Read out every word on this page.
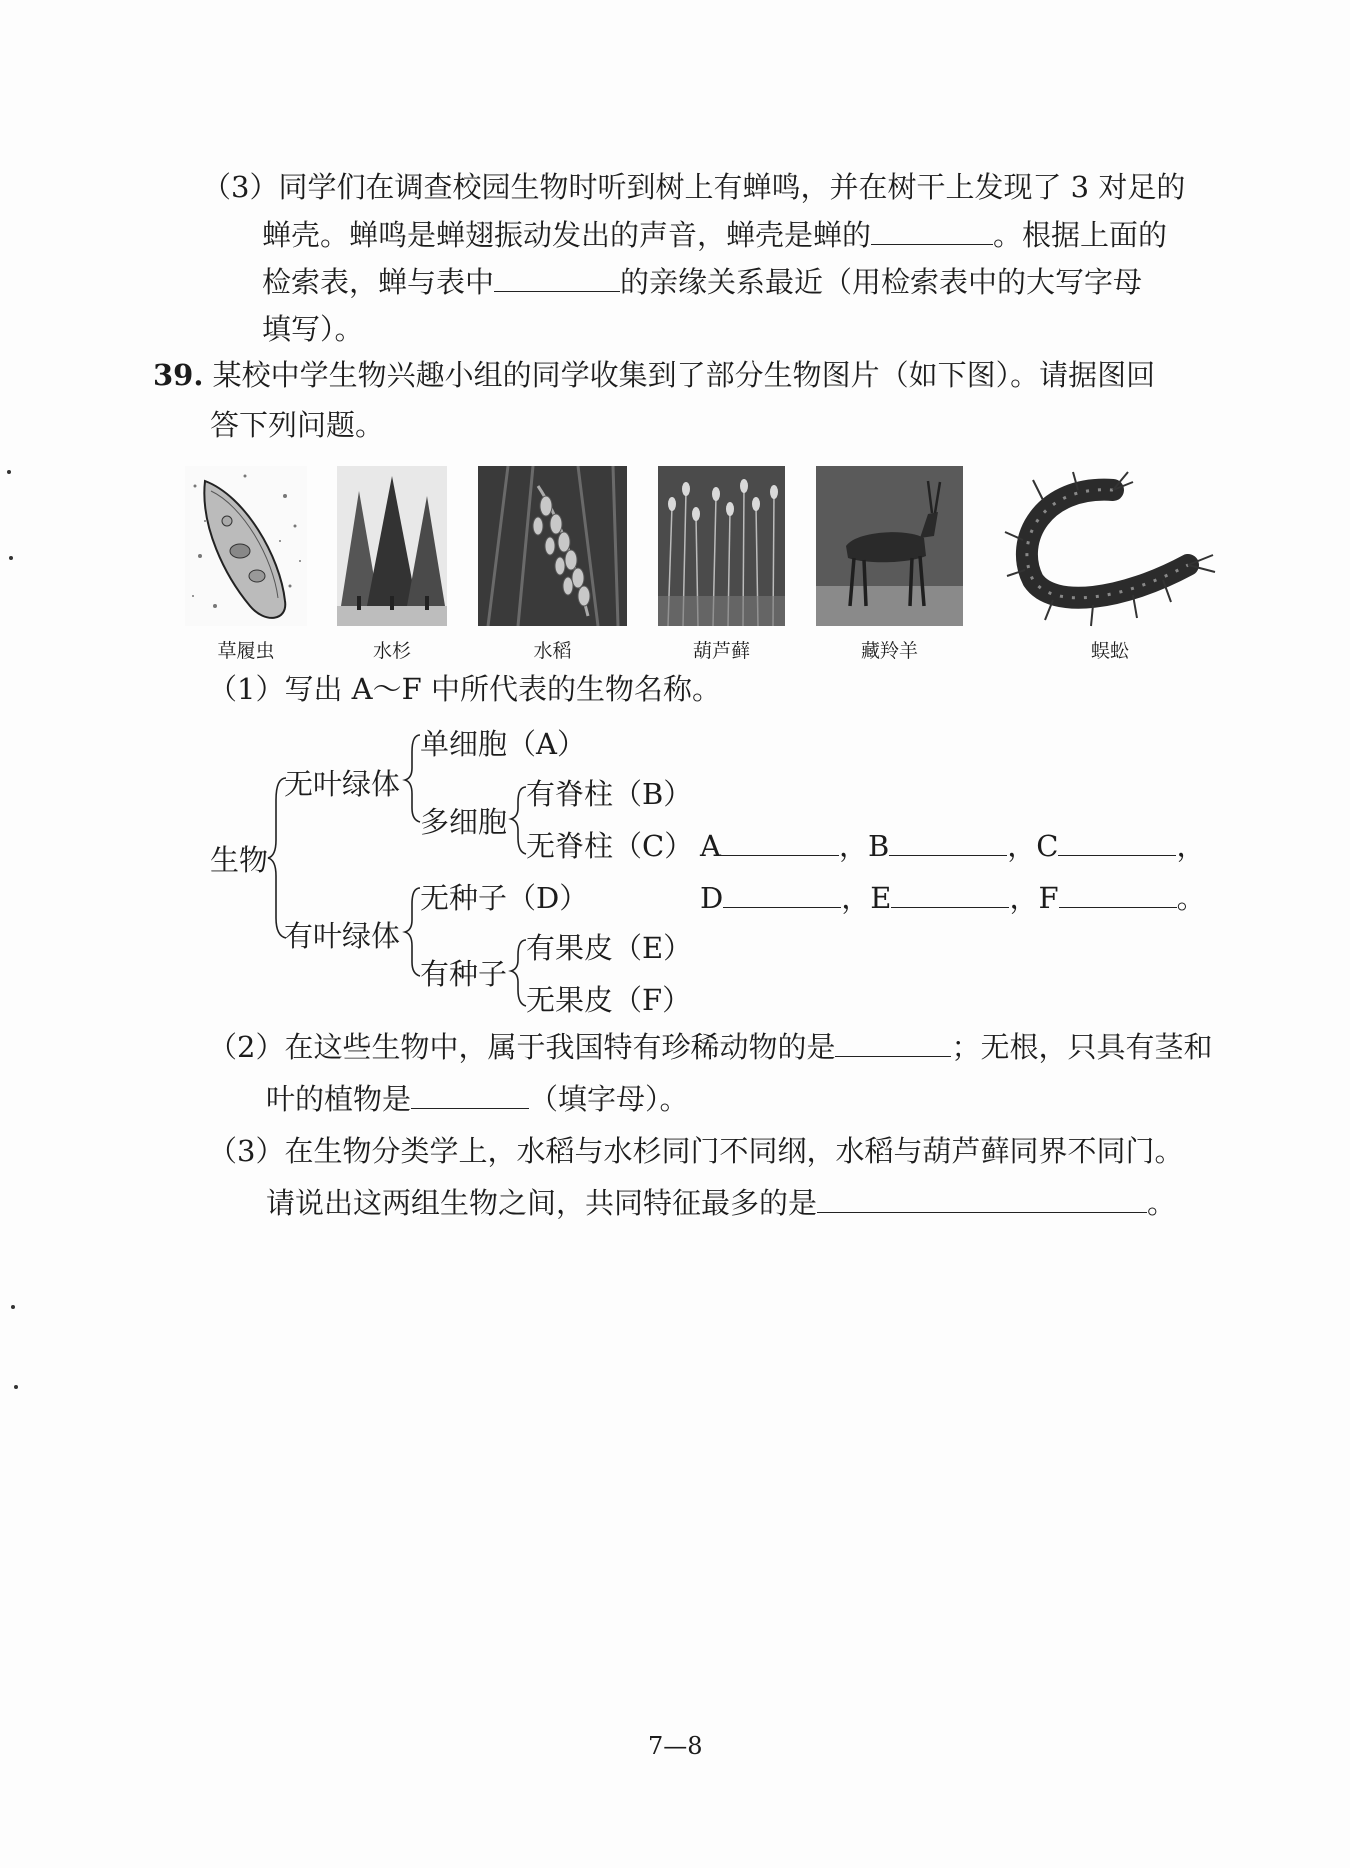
（3）同学们在调查校园生物时听到树上有蝉鸣，并在树干上发现了 3 对足的
蝉壳。蝉鸣是蝉翅振动发出的声音，蝉壳是蝉的	。根据上面的
检索表，蝉与表中	的亲缘关系最近（用检索表中的大写字母
填写）。
39. 某校中学生物兴趣小组的同学收集到了部分生物图片（如下图）。请据图回
答下列问题。
草履虫	水杉	水稻	葫芦藓	藏羚羊	蜈蚣
（1）写出 A～F 中所代表的生物名称。
生物
无叶绿体
单细胞（A）
多细胞
有脊柱（B）
无脊柱（C）
有叶绿体
无种子（D）
有种子
有果皮（E）
无果皮（F）
A	，B	，C	，
D	，E	，F	。
（2）在这些生物中，属于我国特有珍稀动物的是	；无根，只具有茎和
叶的植物是	（填字母）。
（3）在生物分类学上，水稻与水杉同门不同纲，水稻与葫芦藓同界不同门。
请说出这两组生物之间，共同特征最多的是	。
7—8
